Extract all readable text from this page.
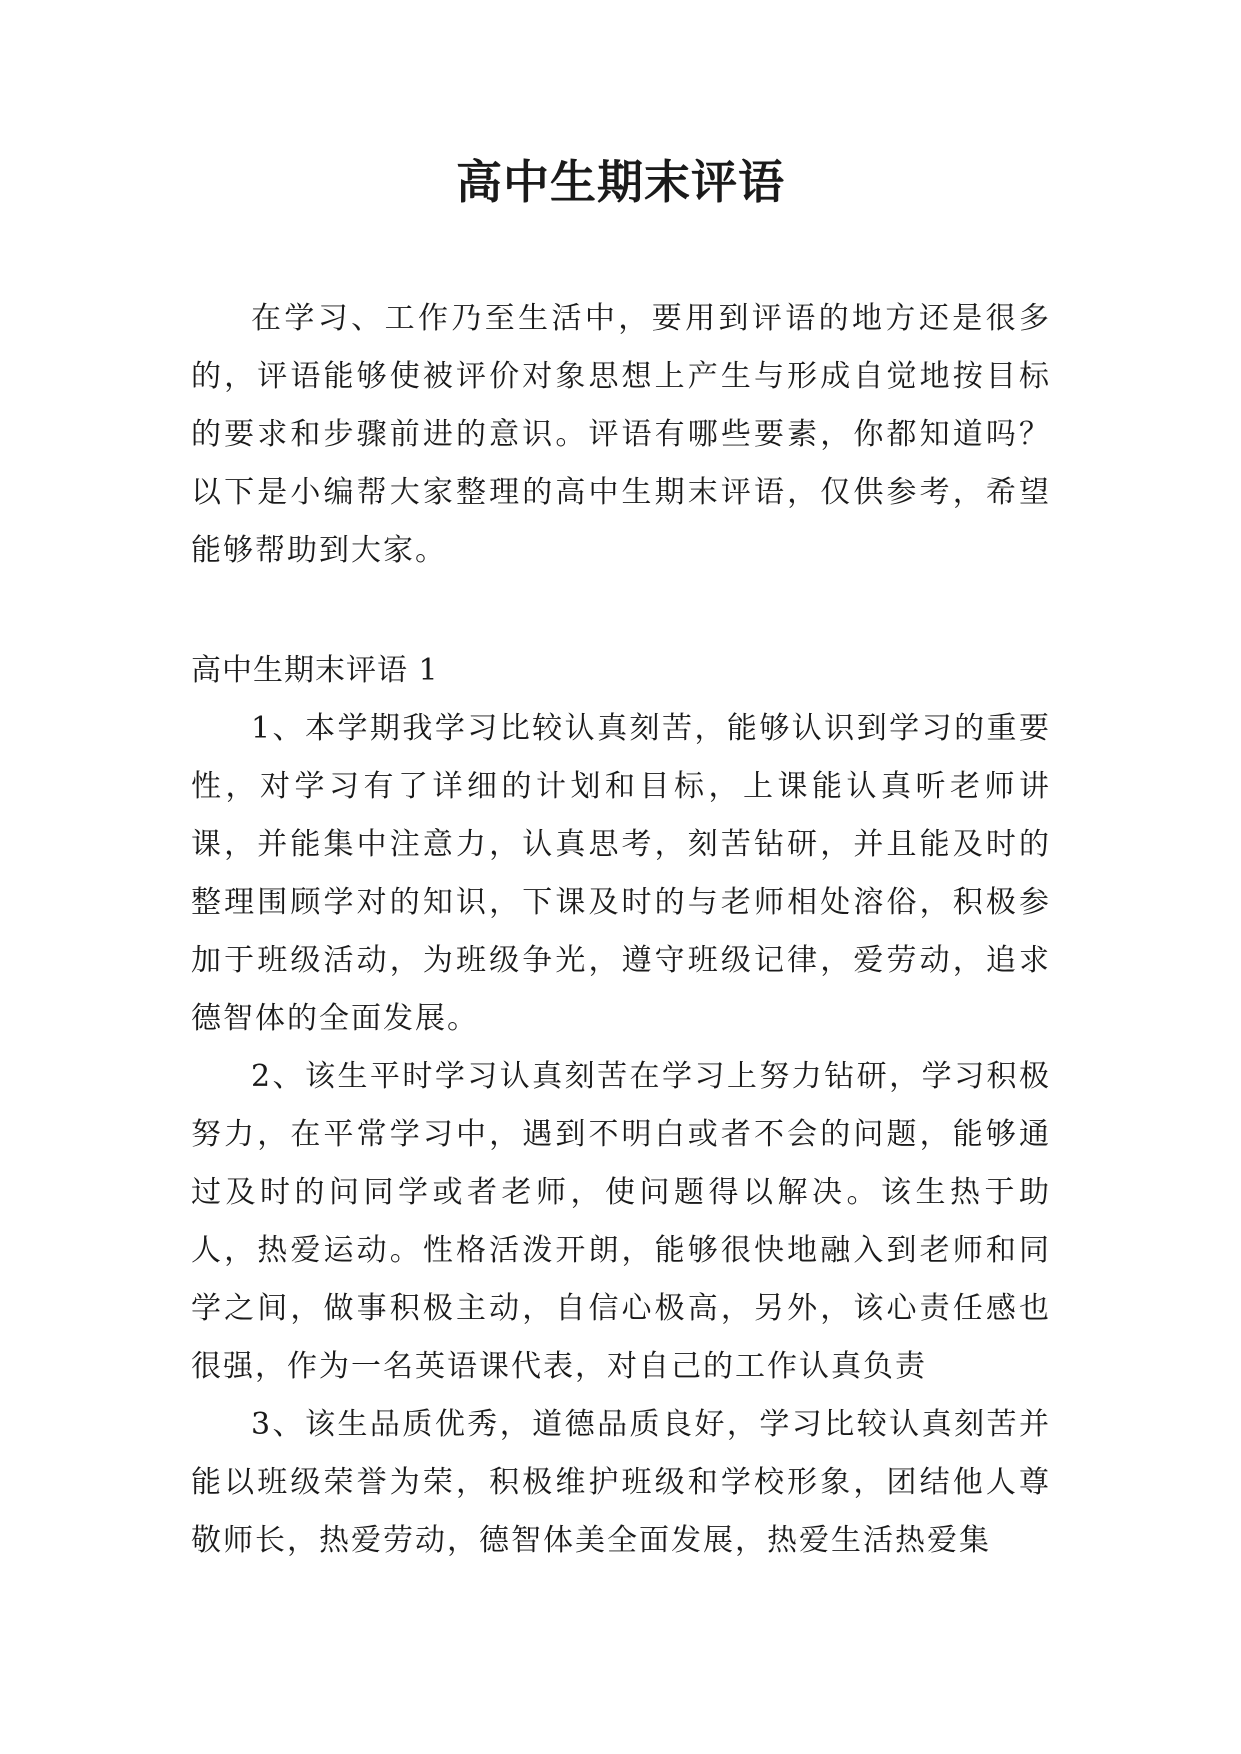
高中生期末评语

在学习、工作乃至生活中，要用到评语的地方还是很多的，评语能够使被评价对象思想上产生与形成自觉地按目标的要求和步骤前进的意识。评语有哪些要素，你都知道吗？以下是小编帮大家整理的高中生期末评语，仅供参考，希望能够帮助到大家。

高中生期末评语 1

1、本学期我学习比较认真刻苦，能够认识到学习的重要性，对学习有了详细的计划和目标，上课能认真听老师讲课，并能集中注意力，认真思考，刻苦钻研，并且能及时的整理围顾学对的知识，下课及时的与老师相处溶俗，积极参加于班级活动，为班级争光，遵守班级记律，爱劳动，追求德智体的全面发展。

2、该生平时学习认真刻苦在学习上努力钻研，学习积极努力，在平常学习中，遇到不明白或者不会的问题，能够通过及时的问同学或者老师，使问题得以解决。该生热于助人，热爱运动。性格活泼开朗，能够很快地融入到老师和同学之间，做事积极主动，自信心极高，另外，该心责任感也很强，作为一名英语课代表，对自己的工作认真负责

3、该生品质优秀，道德品质良好，学习比较认真刻苦并能以班级荣誉为荣，积极维护班级和学校形象，团结他人尊敬师长，热爱劳动，德智体美全面发展，热爱生活热爱集
